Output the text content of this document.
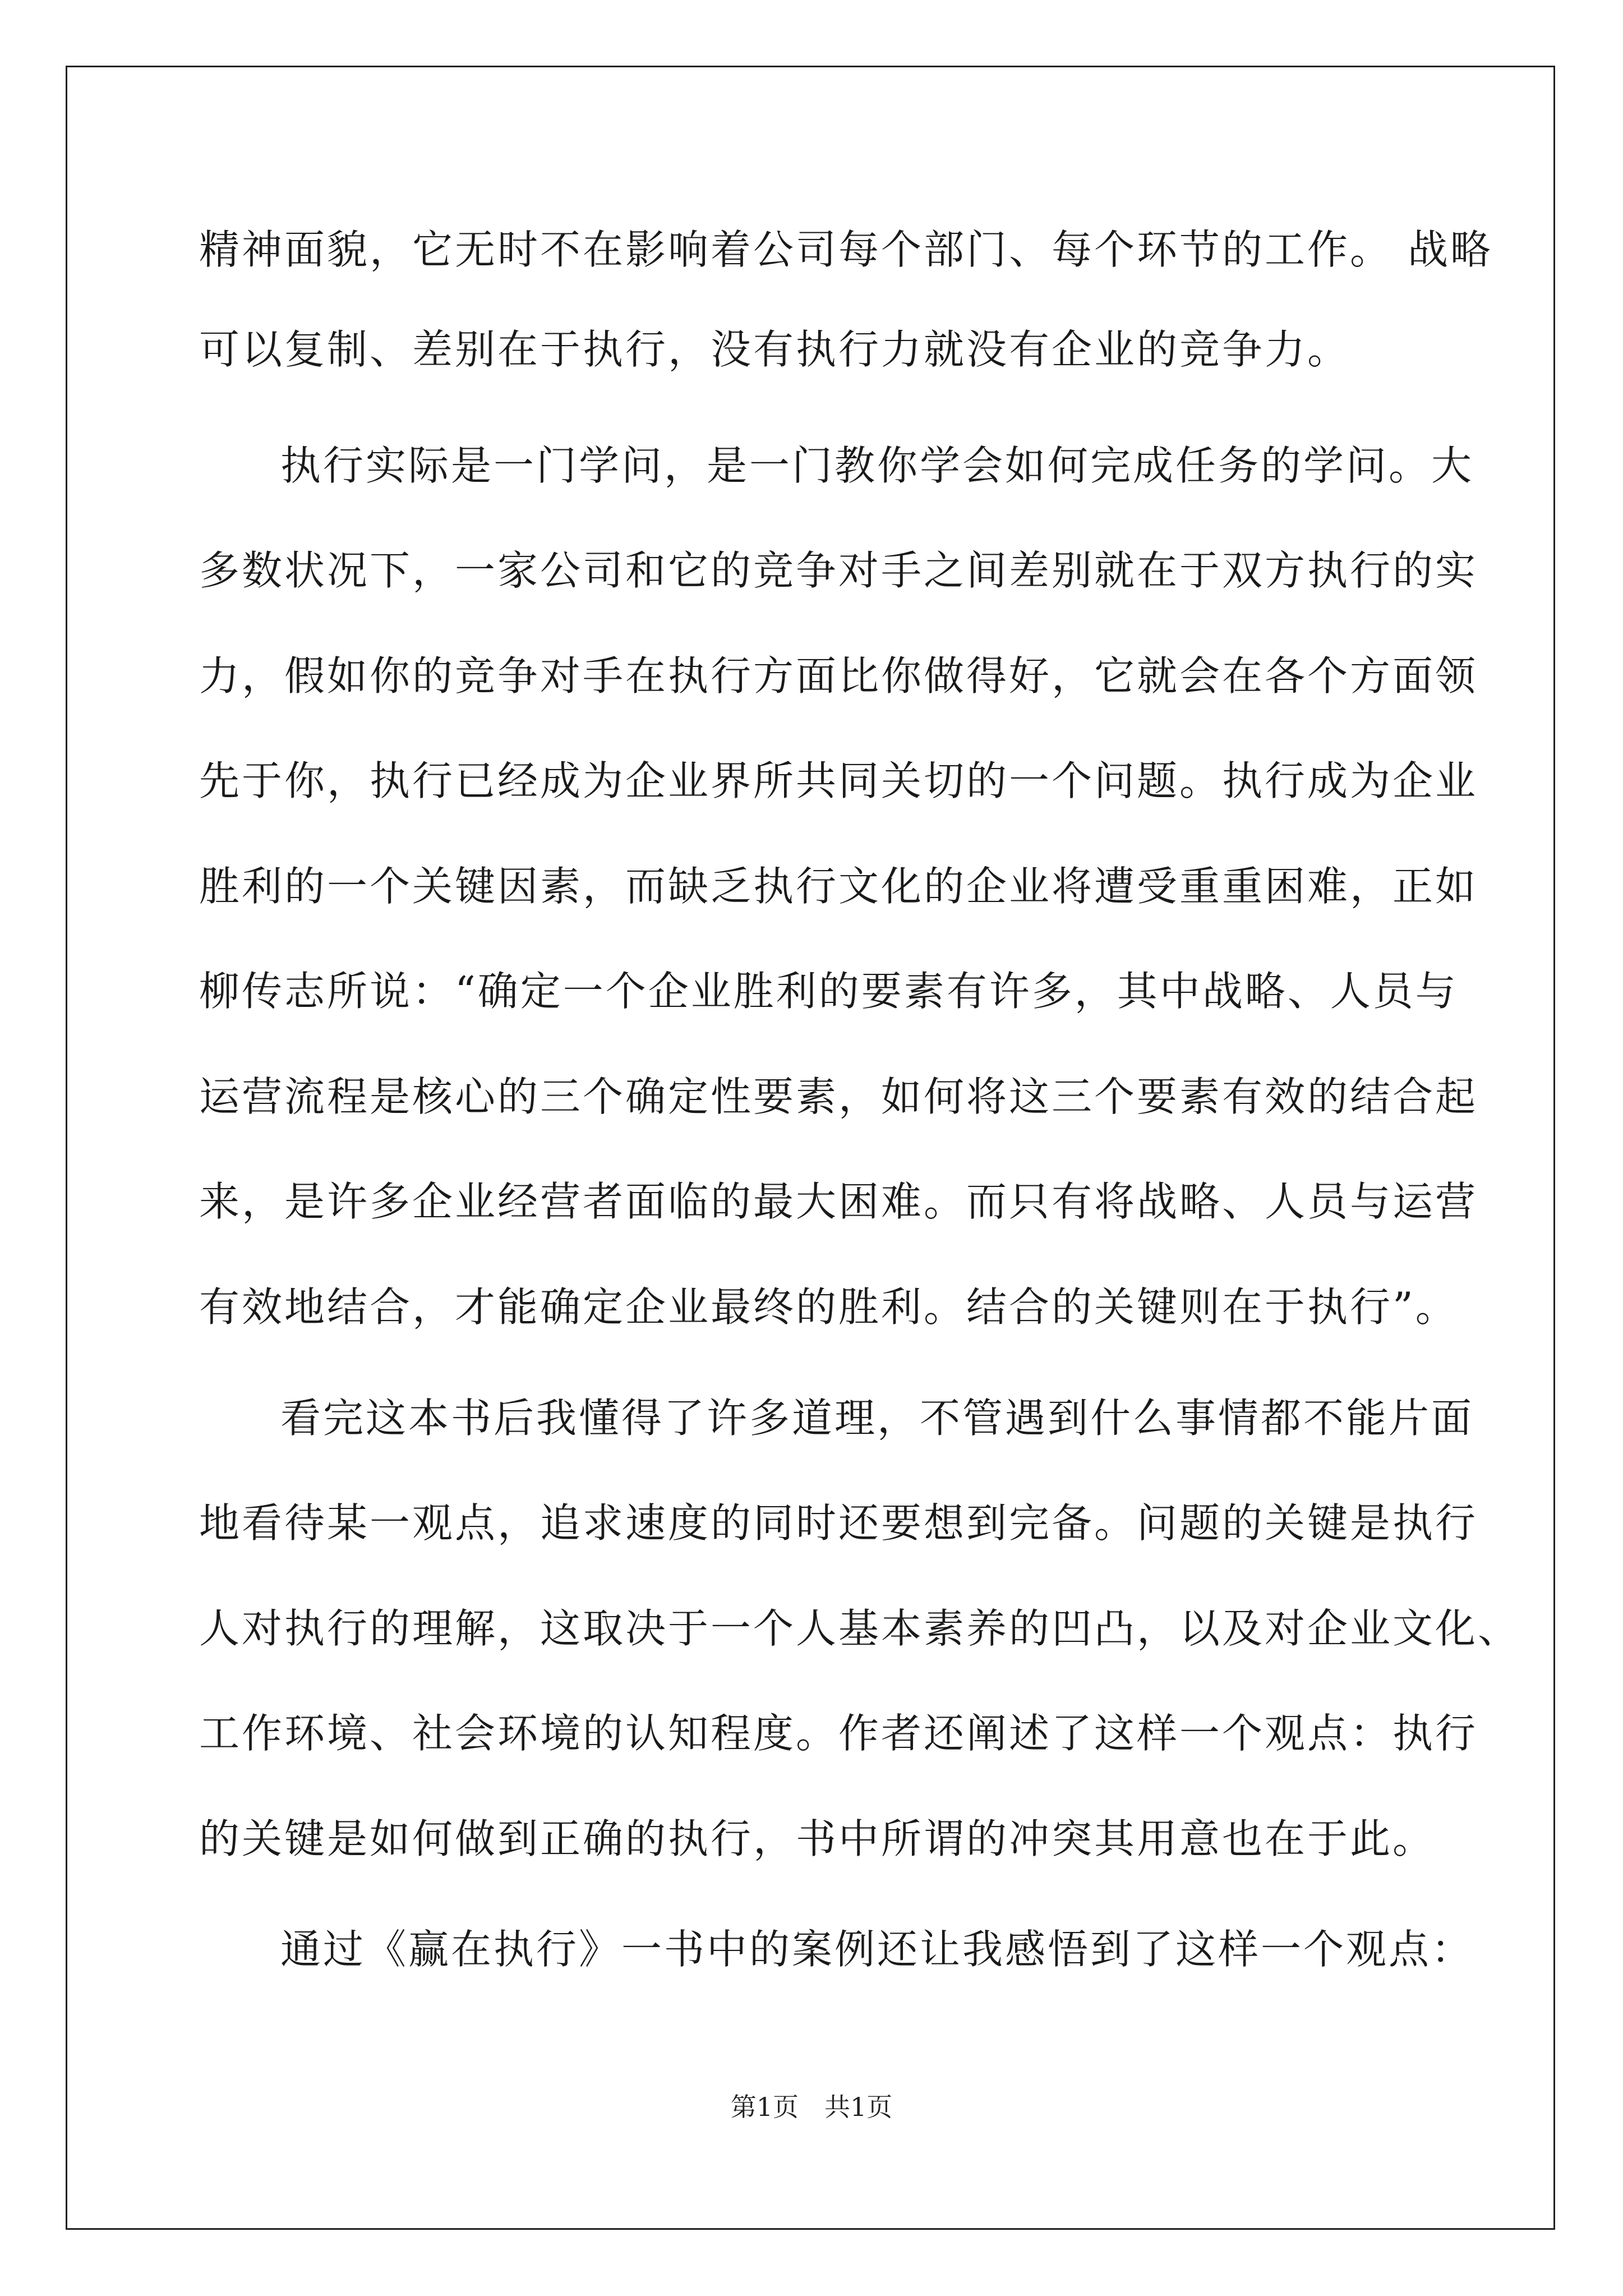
精神面貌，它无时不在影响着公司每个部门、每个环节的工作。 战略
可以复制、差别在于执行，没有执行力就没有企业的竞争力。
执行实际是一门学问，是一门教你学会如何完成任务的学问。大
多数状况下，一家公司和它的竞争对手之间差别就在于双方执行的实
力，假如你的竞争对手在执行方面比你做得好，它就会在各个方面领
先于你，执行已经成为企业界所共同关切的一个问题。执行成为企业
胜利的一个关键因素，而缺乏执行文化的企业将遭受重重困难，正如
柳传志所说：“确定一个企业胜利的要素有许多，其中战略、人员与
运营流程是核心的三个确定性要素，如何将这三个要素有效的结合起
来，是许多企业经营者面临的最大困难。而只有将战略、人员与运营
有效地结合，才能确定企业最终的胜利。结合的关键则在于执行”。
看完这本书后我懂得了许多道理，不管遇到什么事情都不能片面
地看待某一观点，追求速度的同时还要想到完备。问题的关键是执行
人对执行的理解，这取决于一个人基本素养的凹凸，以及对企业文化、
工作环境、社会环境的认知程度。作者还阐述了这样一个观点：执行
的关键是如何做到正确的执行，书中所谓的冲突其用意也在于此。
通过《赢在执行》一书中的案例还让我感悟到了这样一个观点：
第1页　共1页
